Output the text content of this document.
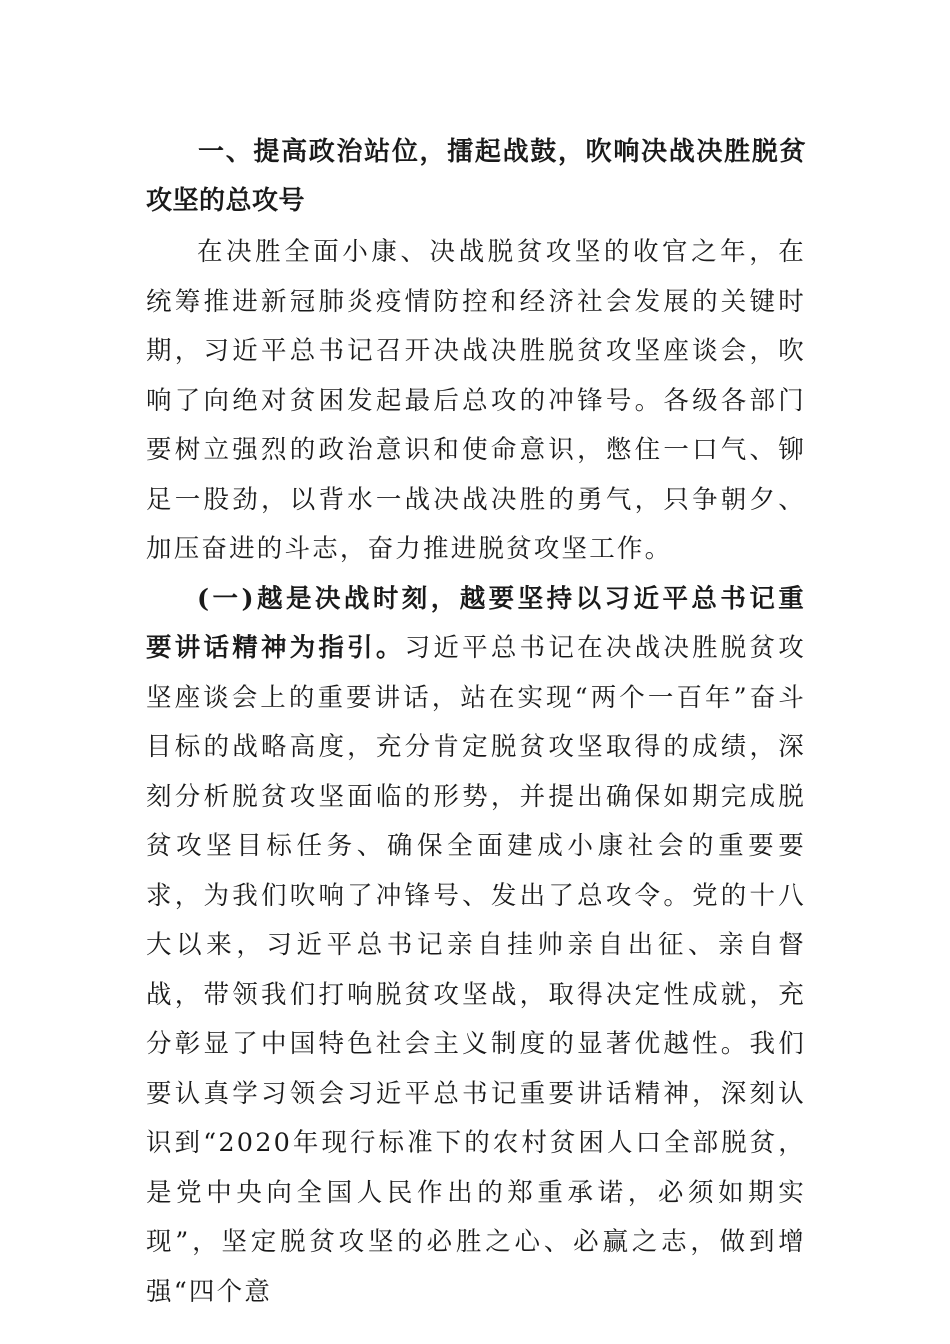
一、提高政治站位，擂起战鼓，吹响决战决胜脱贫攻坚的总攻号

在决胜全面小康、决战脱贫攻坚的收官之年，在统筹推进新冠肺炎疫情防控和经济社会发展的关键时期，习近平总书记召开决战决胜脱贫攻坚座谈会，吹响了向绝对贫困发起最后总攻的冲锋号。各级各部门要树立强烈的政治意识和使命意识，憋住一口气、铆足一股劲，以背水一战决战决胜的勇气，只争朝夕、加压奋进的斗志，奋力推进脱贫攻坚工作。

(一)越是决战时刻，越要坚持以习近平总书记重要讲话精神为指引。习近平总书记在决战决胜脱贫攻坚座谈会上的重要讲话，站在实现“两个一百年”奋斗目标的战略高度，充分肯定脱贫攻坚取得的成绩，深刻分析脱贫攻坚面临的形势，并提出确保如期完成脱贫攻坚目标任务、确保全面建成小康社会的重要要求，为我们吹响了冲锋号、发出了总攻令。党的十八大以来，习近平总书记亲自挂帅亲自出征、亲自督战，带领我们打响脱贫攻坚战，取得决定性成就，充分彰显了中国特色社会主义制度的显著优越性。我们要认真学习领会习近平总书记重要讲话精神，深刻认识到“2020年现行标准下的农村贫困人口全部脱贫，是党中央向全国人民作出的郑重承诺，必须如期实现”，坚定脱贫攻坚的必胜之心、必赢之志，做到增强“四个意
